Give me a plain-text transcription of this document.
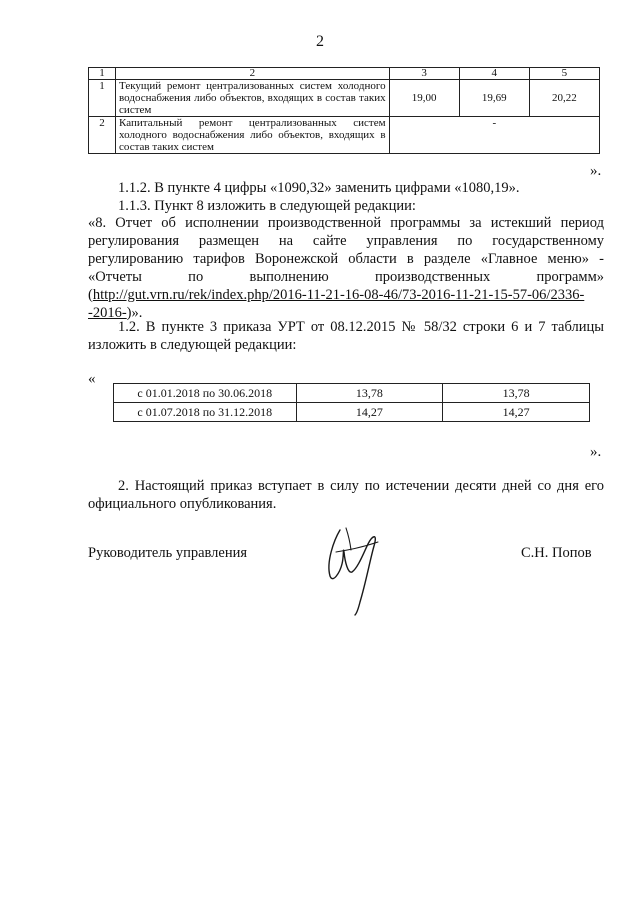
2
1	2	3	4	5
1	Текущий ремонт централизованных систем холодного водоснабжения либо объектов, входящих в состав таких систем	19,00	19,69	20,22
2	Капитальный ремонт централизованных систем холодного водоснабжения либо объектов, входящих в состав таких систем	-		
».

1.1.2. В пункте 4 цифры «1090,32» заменить цифрами «1080,19».

1.1.3. Пункт 8 изложить в следующей редакции:

«8. Отчет об исполнении производственной программы за истекший период регулирования размещен на сайте управления по государственному регулированию тарифов Воронежской области в разделе «Главное меню» - «Отчеты по выполнению производственных программ» (http://gut.vrn.ru/rek/index.php/2016-11-21-16-08-46/73-2016-11-21-15-57-06/2336--2016-)».

1.2. В пункте 3 приказа УРТ от 08.12.2015 № 58/32 строки 6 и 7 таблицы изложить в следующей редакции:

«
с 01.01.2018 по 30.06.2018	13,78	13,78
с 01.07.2018 по 31.12.2018	14,27	14,27
».

2. Настоящий приказ вступает в силу по истечении десяти дней со дня его официального опубликования.

Руководитель управления	С.Н. Попов
